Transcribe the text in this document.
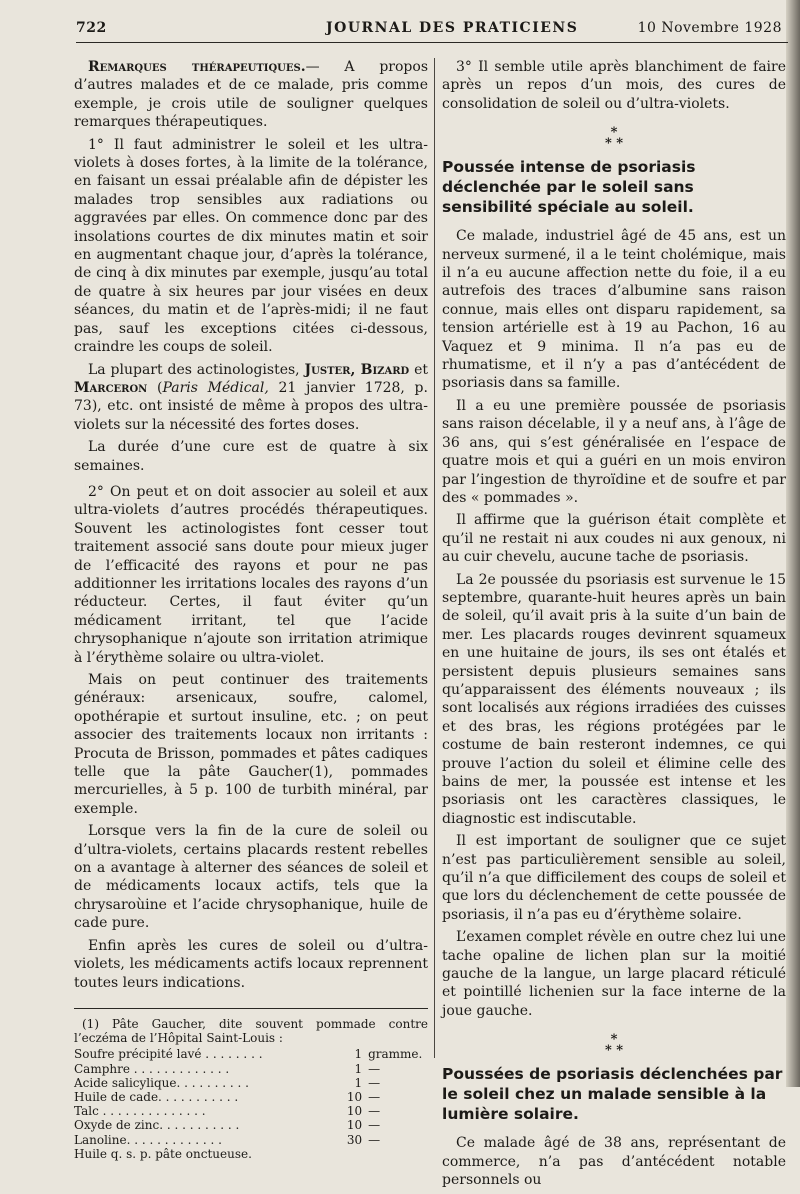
722	JOURNAL DES PRATICIENS	10 Novembre 1928

Remarques thérapeutiques.— A propos d’autres malades et de ce malade, pris comme exemple, je crois utile de souligner quelques remarques thérapeutiques.

1° Il faut administrer le soleil et les ultra-violets à doses fortes, à la limite de la tolérance, en faisant un essai préalable afin de dépister les malades trop sensibles aux radiations ou aggravées par elles. On commence donc par des insolations courtes de dix minutes matin et soir en augmentant chaque jour, d’après la tolérance, de cinq à dix minutes par exemple, jusqu’au total de quatre à six heures par jour visées en deux séances, du matin et de l’après-midi; il ne faut pas, sauf les exceptions citées ci-dessous, craindre les coups de soleil.

La plupart des actinologistes, Juster, Bizard et Marceron (Paris Médical, 21 janvier 1728, p. 73), etc. ont insisté de même à propos des ultra-violets sur la nécessité des fortes doses.

La durée d’une cure est de quatre à six semaines.

2° On peut et on doit associer au soleil et aux ultra-violets d’autres procédés thérapeutiques. Souvent les actinologistes font cesser tout traitement associé sans doute pour mieux juger de l’efficacité des rayons et pour ne pas additionner les irritations locales des rayons d’un réducteur. Certes, il faut éviter qu’un médicament irritant, tel que l’acide chrysophanique n’ajoute son irritation atrimique à l’érythème solaire ou ultra-violet.

Mais on peut continuer des traitements généraux: arsenicaux, soufre, calomel, opothérapie et surtout insuline, etc. ; on peut associer des traitements locaux non irritants : Procuta de Brisson, pommades et pâtes cadiques telle que la pâte Gaucher(1), pommades mercurielles, à 5 p. 100 de turbith minéral, par exemple.

Lorsque vers la fin de la cure de soleil ou d’ultra-violets, certains placards restent rebelles on a avantage à alterner des séances de soleil et de médicaments locaux actifs, tels que la chrysaroùine et l’acide chrysophanique, huile de cade pure.

Enfin après les cures de soleil ou d’ultra-violets, les médicaments actifs locaux reprennent toutes leurs indications.

(1) Pâte Gaucher, dite souvent pommade contre l’eczéma de l’Hôpital Saint-Louis :
Soufre précipité lavé . . . . . . . .	1	gramme.
Camphre . . . . . . . . . . . . .	1	—
Acide salicylique. . . . . . . . . .	1	—
Huile de cade. . . . . . . . . . .	10	—
Talc . . . . . . . . . . . . . .	10	—
Oxyde de zinc. . . . . . . . . . .	10	—
Lanoline. . . . . . . . . . . . .	30	—
Huile q. s. p. pâte onctueuse.

3° Il semble utile après blanchiment de faire après un repos d’un mois, des cures de consolidation de soleil ou d’ultra-violets.

*
* *
Poussée intense de psoriasis déclenchée par le soleil sans sensibilité spéciale au soleil.

Ce malade, industriel âgé de 45 ans, est un nerveux surmené, il a le teint cholémique, mais il n’a eu aucune affection nette du foie, il a eu autrefois des traces d’albumine sans raison connue, mais elles ont disparu rapidement, sa tension artérielle est à 19 au Pachon, 16 au Vaquez et 9 minima. Il n’a pas eu de rhumatisme, et il n’y a pas d’antécédent de psoriasis dans sa famille.

Il a eu une première poussée de psoriasis sans raison décelable, il y a neuf ans, à l’âge de 36 ans, qui s’est généralisée en l’espace de quatre mois et qui a guéri en un mois environ par l’ingestion de thyroïdine et de soufre et par des « pommades ».

Il affirme que la guérison était complète et qu’il ne restait ni aux coudes ni aux genoux, ni au cuir chevelu, aucune tache de psoriasis.

La 2e poussée du psoriasis est survenue le 15 septembre, quarante-huit heures après un bain de soleil, qu’il avait pris à la suite d’un bain de mer. Les placards rouges devinrent squameux en une huitaine de jours, ils ses ont étalés et persistent depuis plusieurs semaines sans qu’apparaissent des éléments nouveaux ; ils sont localisés aux régions irradiées des cuisses et des bras, les régions protégées par le costume de bain resteront indemnes, ce qui prouve l’action du soleil et élimine celle des bains de mer, la poussée est intense et les psoriasis ont les caractères classiques, le diagnostic est indiscutable.

Il est important de souligner que ce sujet n’est pas particulièrement sensible au soleil, qu’il n’a que difficilement des coups de soleil et que lors du déclenchement de cette poussée de psoriasis, il n’a pas eu d’érythème solaire.

L’examen complet révèle en outre chez lui une tache opaline de lichen plan sur la moitié gauche de la langue, un large placard réticulé et pointillé lichenien sur la face interne de la joue gauche.

*
* *
Poussées de psoriasis déclenchées par le soleil chez un malade sensible à la lumière solaire.

Ce malade âgé de 38 ans, représentant de commerce, n’a pas d’antécédent notable personnels ou
